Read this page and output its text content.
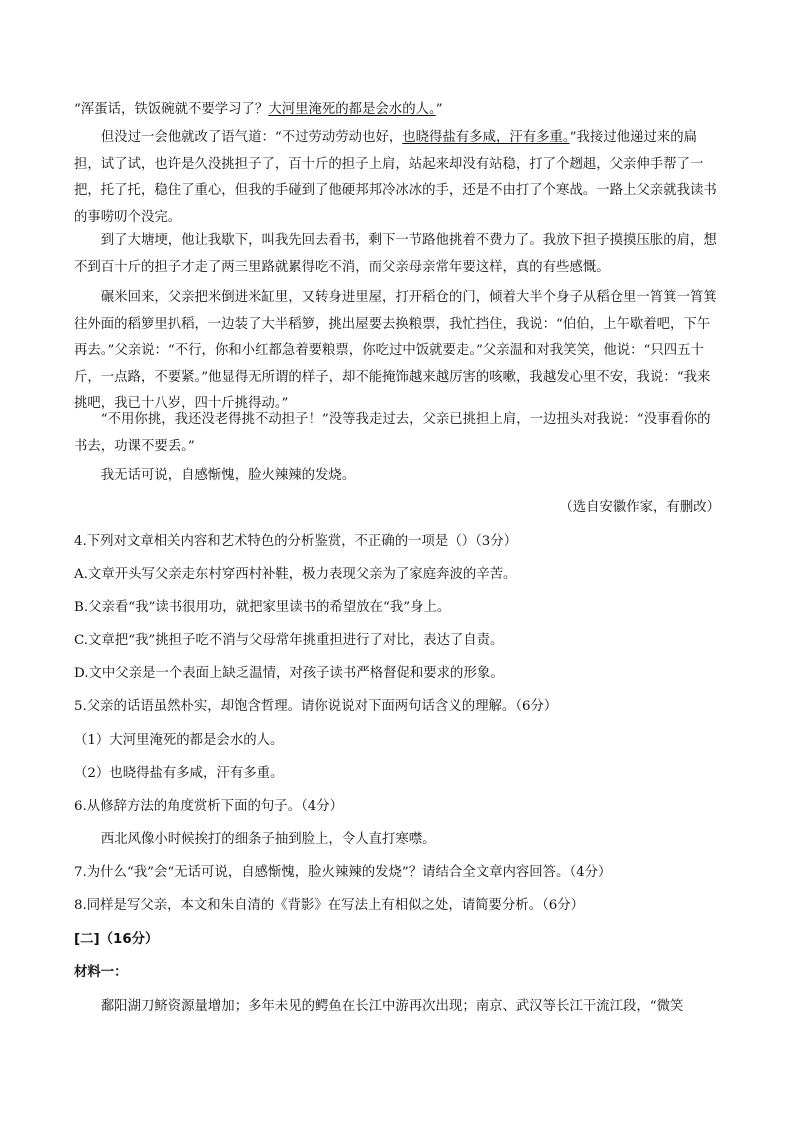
“浑蛋话，铁饭碗就不要学习了？大河里淹死的都是会水的人。”

但没过一会他就改了语气道：“不过劳动劳动也好，也晓得盐有多咸，汗有多重。”我接过他递过来的扁担，试了试，也许是久没挑担子了，百十斤的担子上肩，站起来却没有站稳，打了个趔趄，父亲伸手帮了一把，托了托，稳住了重心，但我的手碰到了他硬邦邦冷冰冰的手，还是不由打了个寒战。一路上父亲就我读书的事唠叨个没完。

到了大塘埂，他让我歇下，叫我先回去看书，剩下一节路他挑着不费力了。我放下担子摸摸压胀的肩，想不到百十斤的担子才走了两三里路就累得吃不消，而父亲母亲常年要这样，真的有些感慨。

碾米回来，父亲把米倒进米缸里，又转身进里屋，打开稻仓的门，倾着大半个身子从稻仓里一筲箕一筲箕往外面的稻箩里扒稻，一边装了大半稻箩，挑出屋要去换粮票，我忙挡住，我说：“伯伯，上午歇着吧，下午再去。”父亲说：“不行，你和小红都急着要粮票，你吃过中饭就要走。”父亲温和对我笑笑，他说：“只四五十斤，一点路，不要紧。”他显得无所谓的样子，却不能掩饰越来越厉害的咳嗽，我越发心里不安，我说：“我来挑吧，我已十八岁，四十斤挑得动。”

“不用你挑，我还没老得挑不动担子！”没等我走过去，父亲已挑担上肩，一边扭头对我说：“没事看你的书去，功课不要丢。”

我无话可说，自感惭愧，脸火辣辣的发烧。

（选自安徽作家，有删改）

4.下列对文章相关内容和艺术特色的分析鉴赏，不正确的一项是（）（3分）

A.文章开头写父亲走东村穿西村补鞋，极力表现父亲为了家庭奔波的辛苦。

B.父亲看“我”读书很用功，就把家里读书的希望放在“我”身上。

C.文章把“我”挑担子吃不消与父母常年挑重担进行了对比，表达了自责。

D.文中父亲是一个表面上缺乏温情，对孩子读书严格督促和要求的形象。

5.父亲的话语虽然朴实，却饱含哲理。请你说说对下面两句话含义的理解。（6分）

（1）大河里淹死的都是会水的人。

（2）也晓得盐有多咸，汗有多重。

6.从修辞方法的角度赏析下面的句子。（4分）

西北风像小时候挨打的细条子抽到脸上，令人直打寒噤。

7.为什么“我”会“无话可说，自感惭愧，脸火辣辣的发烧”？请结合全文章内容回答。（4分）

8.同样是写父亲，本文和朱自清的《背影》在写法上有相似之处，请简要分析。（6分）

[二]（16分）

材料一：

鄱阳湖刀鲚资源量增加；多年未见的鳄鱼在长江中游再次出现；南京、武汉等长江干流江段，“微笑
